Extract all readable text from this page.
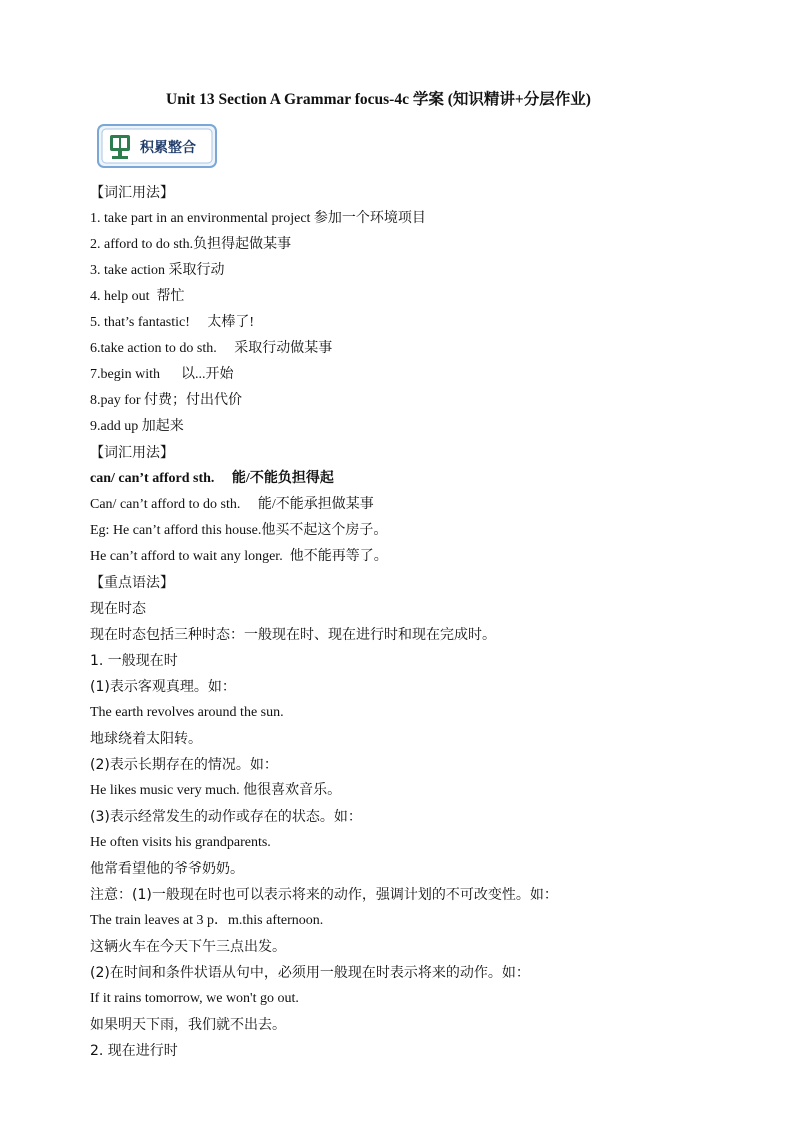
Unit 13 Section A Grammar focus-4c 学案 (知识精讲+分层作业)
积累整合
【词汇用法】
1. take part in an environmental project 参加一个环境项目
2. afford to do sth.负担得起做某事
3. take action 采取行动
4. help out  帮忙
5. that’s fantastic!     太棒了!
6.take action to do sth.     采取行动做某事
7.begin with      以...开始
8.pay for 付费；付出代价
9.add up 加起来
【词汇用法】
can/ can’t afford sth.     能/不能负担得起
Can/ can’t afford to do sth.     能/不能承担做某事
Eg: He can’t afford this house.他买不起这个房子。
He can’t afford to wait any longer.  他不能再等了。
【重点语法】
现在时态
现在时态包括三种时态：一般现在时、现在进行时和现在完成时。
1. 一般现在时
(1)表示客观真理。如：
The earth revolves around the sun.
地球绕着太阳转。
(2)表示长期存在的情况。如：
He likes music very much. 他很喜欢音乐。
(3)表示经常发生的动作或存在的状态。如：
He often visits his grandparents.
他常看望他的爷爷奶奶。
注意：(1)一般现在时也可以表示将来的动作，强调计划的不可改变性。如：
The train leaves at 3 p．m.this afternoon.
这辆火车在今天下午三点出发。
(2)在时间和条件状语从句中，必须用一般现在时表示将来的动作。如：
If it rains tomorrow, we won't go out.
如果明天下雨，我们就不出去。
2. 现在进行时
